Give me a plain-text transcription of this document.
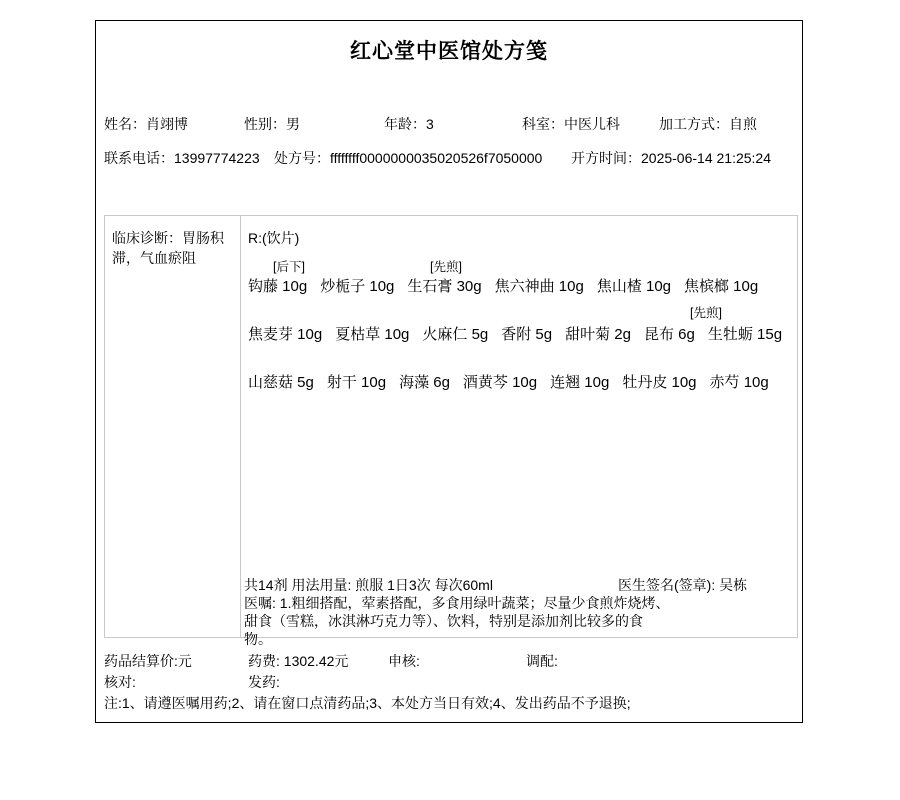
红心堂中医馆处方笺
姓名：肖翊博	性别：男	年龄：3	科室：中医儿科	加工方式：自煎
联系电话：13997774223 处方号：ffffffff0000000035020526f7050000 开方时间：2025-06-14 21:25:24
临床诊断：胃肠积滞，气血瘀阻
R:(饮片)
[后下]	[先煎]
[先煎]
钩藤 10g 炒栀子 10g 生石膏 30g 焦六神曲 10g 焦山楂 10g 焦槟榔 10g
焦麦芽 10g 夏枯草 10g 火麻仁 5g 香附 5g 甜叶菊 2g 昆布 6g 生牡蛎 15g
山慈菇 5g 射干 10g 海藻 6g 酒黄芩 10g 连翘 10g 牡丹皮 10g 赤芍 10g
共14剂 用法用量: 煎服 1日3次 每次60ml	医生签名(签章): 吴栋
医嘱: 1.粗细搭配，荤素搭配，多食用绿叶蔬菜；尽量少食煎炸烧烤、甜食（雪糕，冰淇淋巧克力等）、饮料，特别是添加剂比较多的食物。
药品结算价:元	药费: 1302.42元	申核:	调配:
核对:	发药:
注:1、请遵医嘱用药;2、请在窗口点清药品;3、本处方当日有效;4、发出药品不予退换;
